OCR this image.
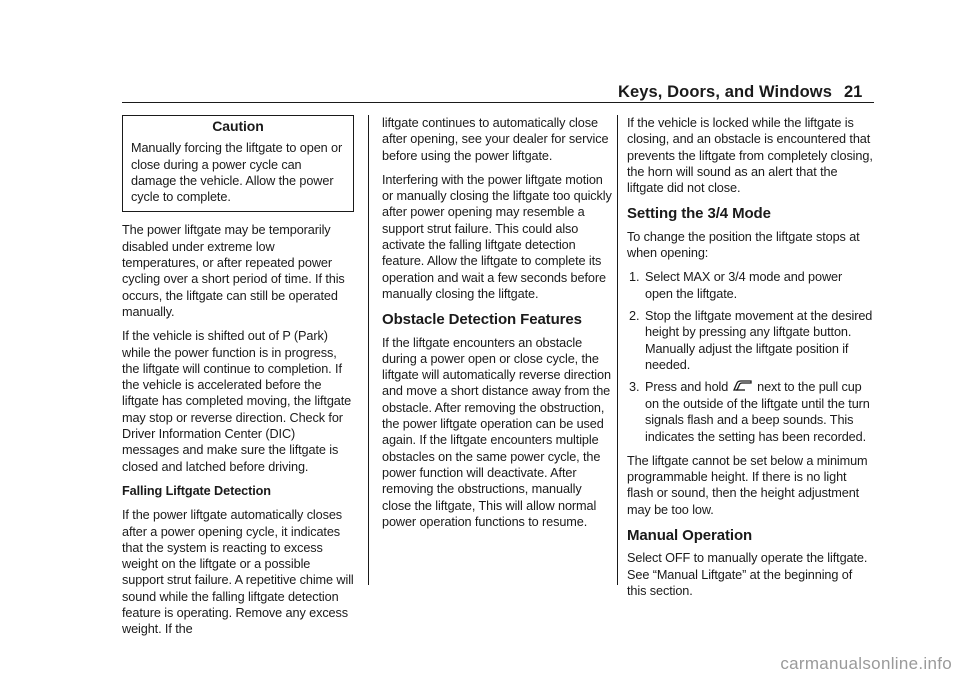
Keys, Doors, and Windows 21
Caution

Manually forcing the liftgate to open or close during a power cycle can damage the vehicle. Allow the power cycle to complete.

The power liftgate may be temporarily disabled under extreme low temperatures, or after repeated power cycling over a short period of time. If this occurs, the liftgate can still be operated manually.

If the vehicle is shifted out of P (Park) while the power function is in progress, the liftgate will continue to completion. If the vehicle is accelerated before the liftgate has completed moving, the liftgate may stop or reverse direction. Check for Driver Information Center (DIC) messages and make sure the liftgate is closed and latched before driving.

Falling Liftgate Detection

If the power liftgate automatically closes after a power opening cycle, it indicates that the system is reacting to excess weight on the liftgate or a possible support strut failure. A repetitive chime will sound while the falling liftgate detection feature is operating. Remove any excess weight. If the

liftgate continues to automatically close after opening, see your dealer for service before using the power liftgate.

Interfering with the power liftgate motion or manually closing the liftgate too quickly after power opening may resemble a support strut failure. This could also activate the falling liftgate detection feature. Allow the liftgate to complete its operation and wait a few seconds before manually closing the liftgate.

Obstacle Detection Features

If the liftgate encounters an obstacle during a power open or close cycle, the liftgate will automatically reverse direction and move a short distance away from the obstacle. After removing the obstruction, the power liftgate operation can be used again. If the liftgate encounters multiple obstacles on the same power cycle, the power function will deactivate. After removing the obstructions, manually close the liftgate, This will allow normal power operation functions to resume.

If the vehicle is locked while the liftgate is closing, and an obstacle is encountered that prevents the liftgate from completely closing, the horn will sound as an alert that the liftgate did not close.

Setting the 3/4 Mode

To change the position the liftgate stops at when opening:

1. Select MAX or 3/4 mode and power open the liftgate.
2. Stop the liftgate movement at the desired height by pressing any liftgate button. Manually adjust the liftgate position if needed.
3. Press and hold next to the pull cup on the outside of the liftgate until the turn signals flash and a beep sounds. This indicates the setting has been recorded.

The liftgate cannot be set below a minimum programmable height. If there is no light flash or sound, then the height adjustment may be too low.

Manual Operation

Select OFF to manually operate the liftgate. See “Manual Liftgate” at the beginning of this section.

carmanualsonline.info
